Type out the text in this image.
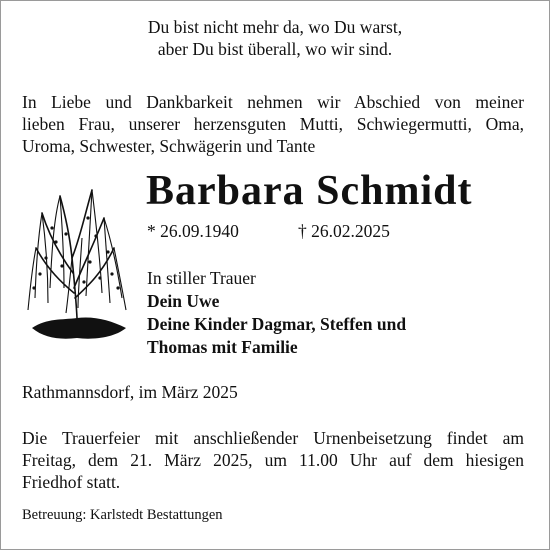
Du bist nicht mehr da, wo Du warst,
aber Du bist überall, wo wir sind.
In Liebe und Dankbarkeit nehmen wir Abschied von meiner
lieben Frau, unserer herzensguten Mutti, Schwiegermutti, Oma,
Uroma, Schwester, Schwägerin und Tante
Barbara Schmidt
* 26.09.1940	† 26.02.2025
In stiller Trauer
Dein Uwe
Deine Kinder Dagmar, Steffen und
Thomas mit Familie
Rathmannsdorf, im März 2025
Die Trauerfeier mit anschließender Urnenbeisetzung findet am
Freitag, dem 21. März 2025, um 11.00 Uhr auf dem hiesigen
Friedhof statt.
Betreuung: Karlstedt Bestattungen
